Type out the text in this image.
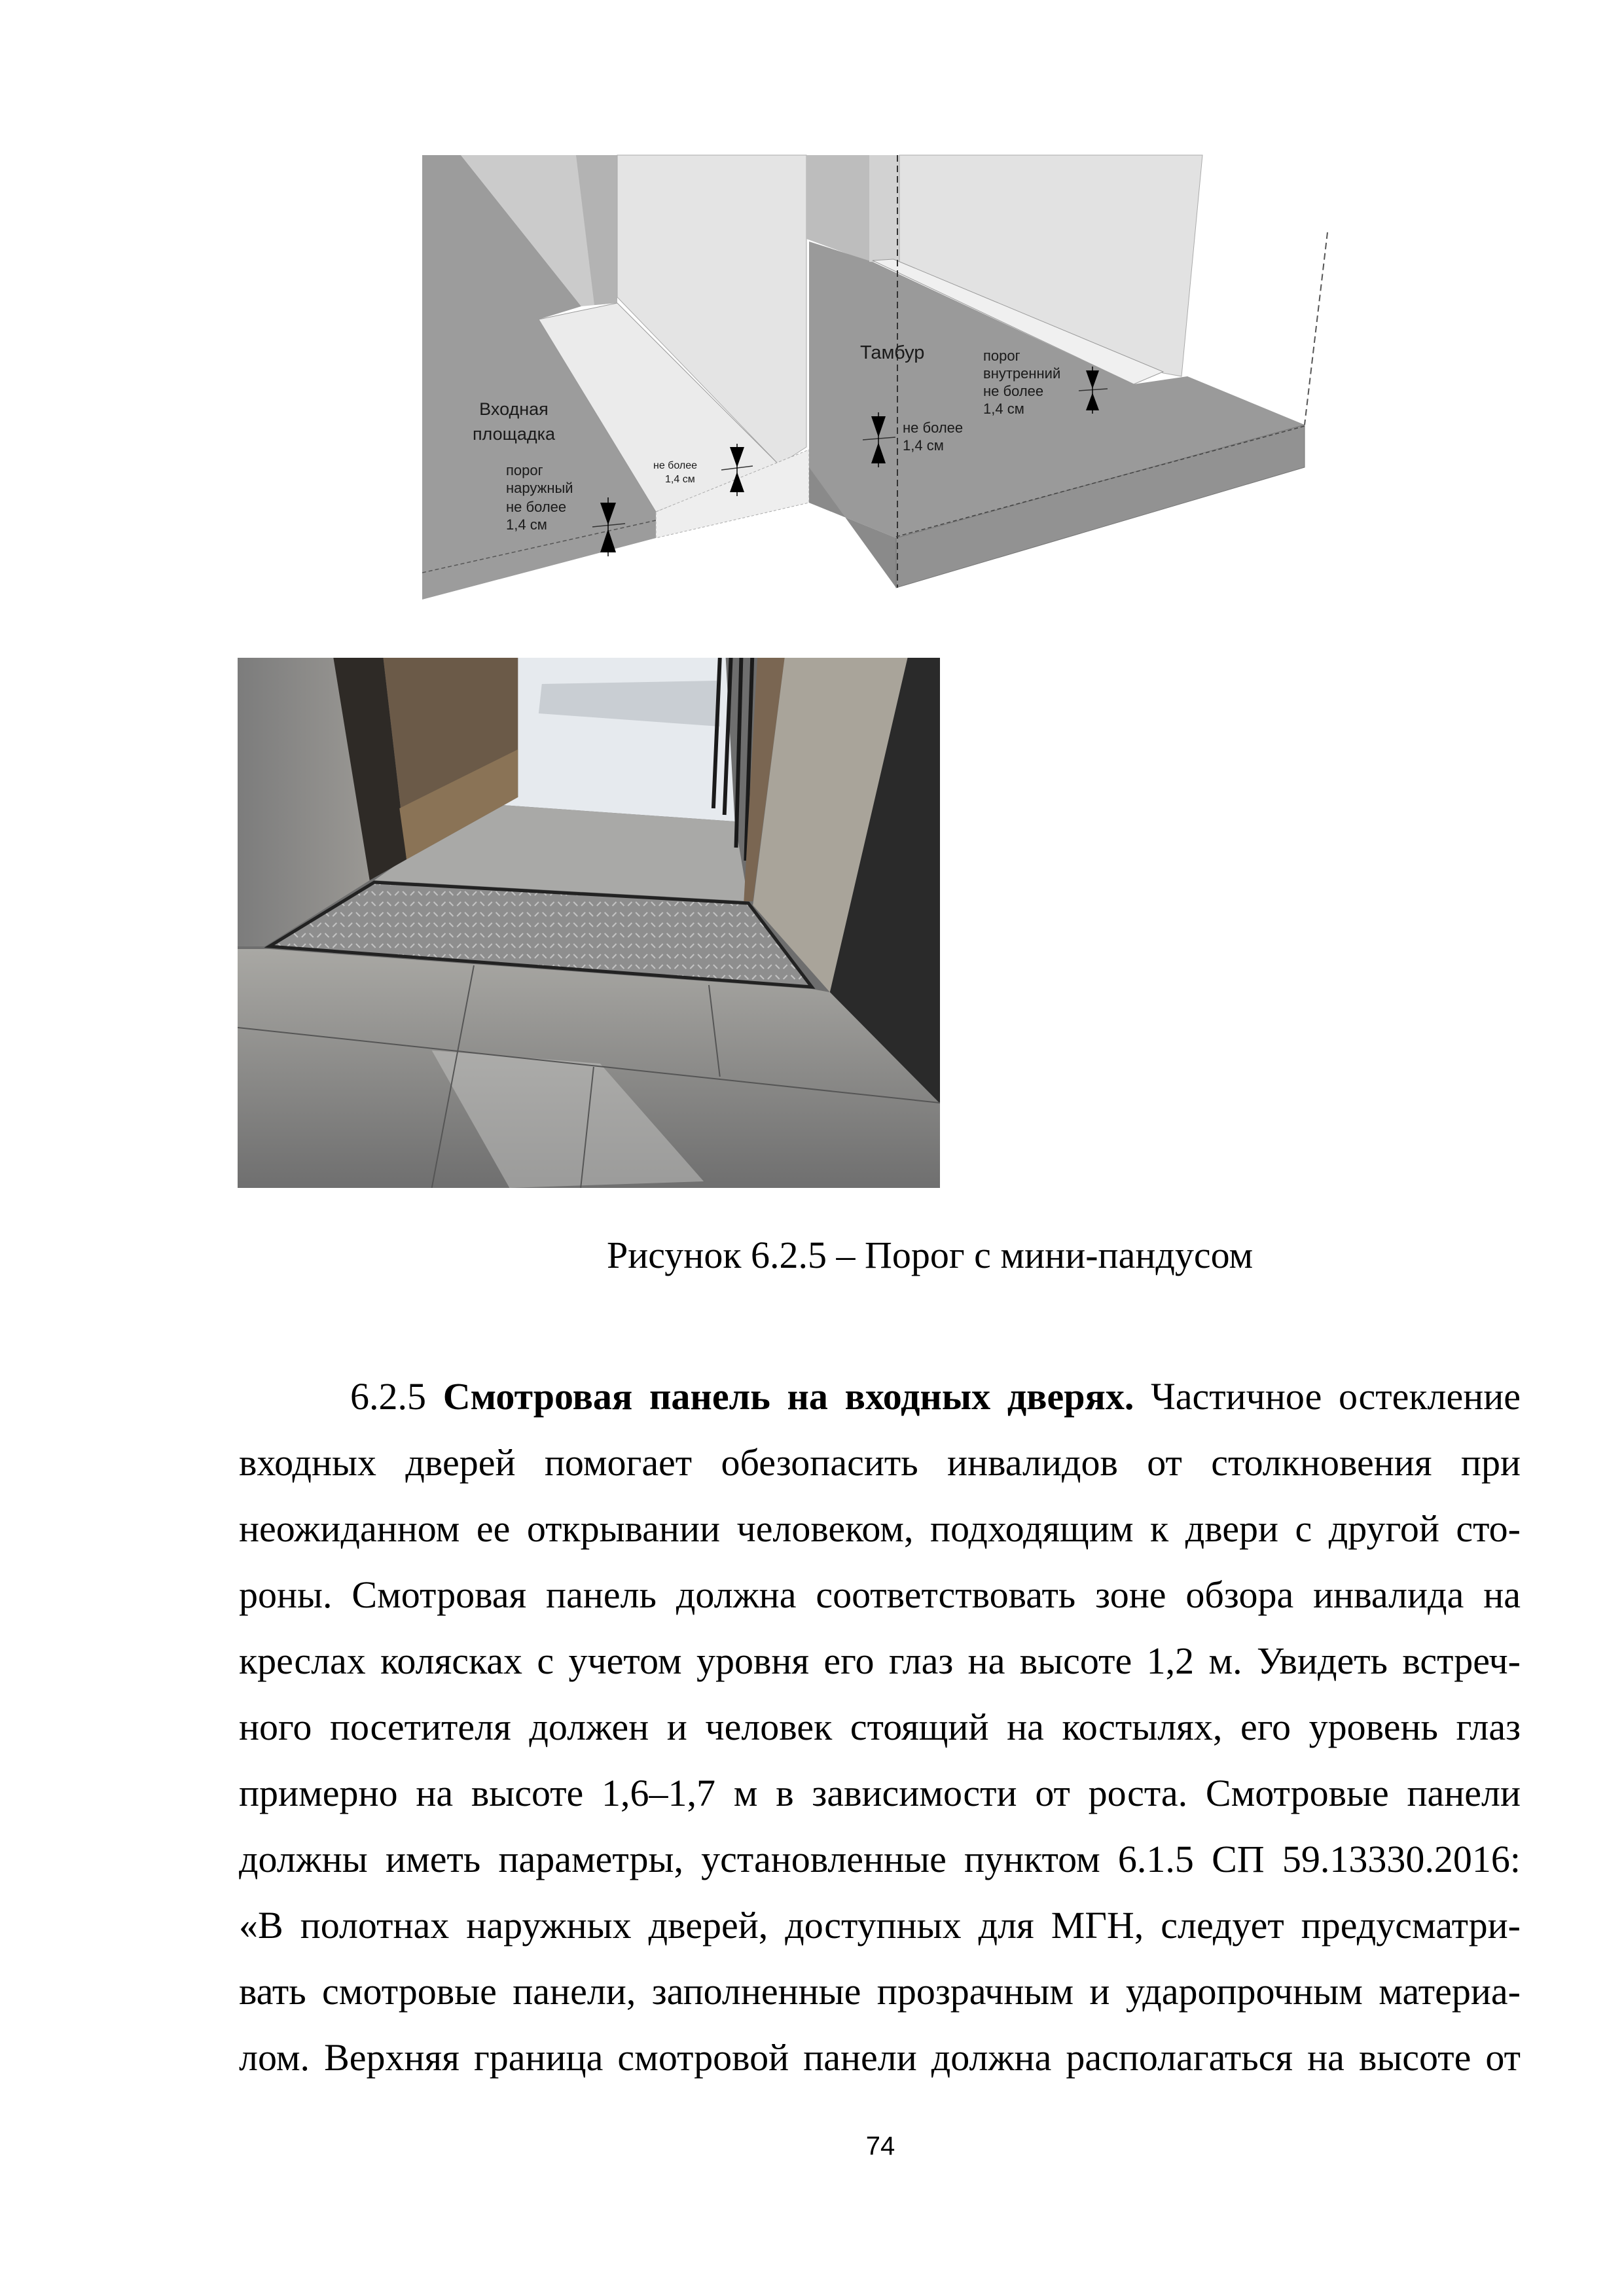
Входная
площадка
порог
наружный
не более
1,4 см
не более
1,4 см
Тамбур
не более
1,4 см
порог
внутренний
не более
1,4 см
Рисунок 6.2.5 – Порог с мини-пандусом
6.2.5 Смотровая панель на входных дверях. Частичное остекление
входных дверей помогает обезопасить инвалидов от столкновения при
неожиданном ее открывании человеком, подходящим к двери с другой сто-
роны. Смотровая панель должна соответствовать зоне обзора инвалида на
креслах колясках с учетом уровня его глаз на высоте 1,2 м. Увидеть встреч-
ного посетителя должен и человек стоящий на костылях, его уровень глаз
примерно на высоте 1,6–1,7 м в зависимости от роста. Смотровые панели
должны иметь параметры, установленные пунктом 6.1.5 СП 59.13330.2016:
«В полотнах наружных дверей, доступных для МГН, следует предусматри-
вать смотровые панели, заполненные прозрачным и ударопрочным материа-
лом. Верхняя граница смотровой панели должна располагаться на высоте от
74
